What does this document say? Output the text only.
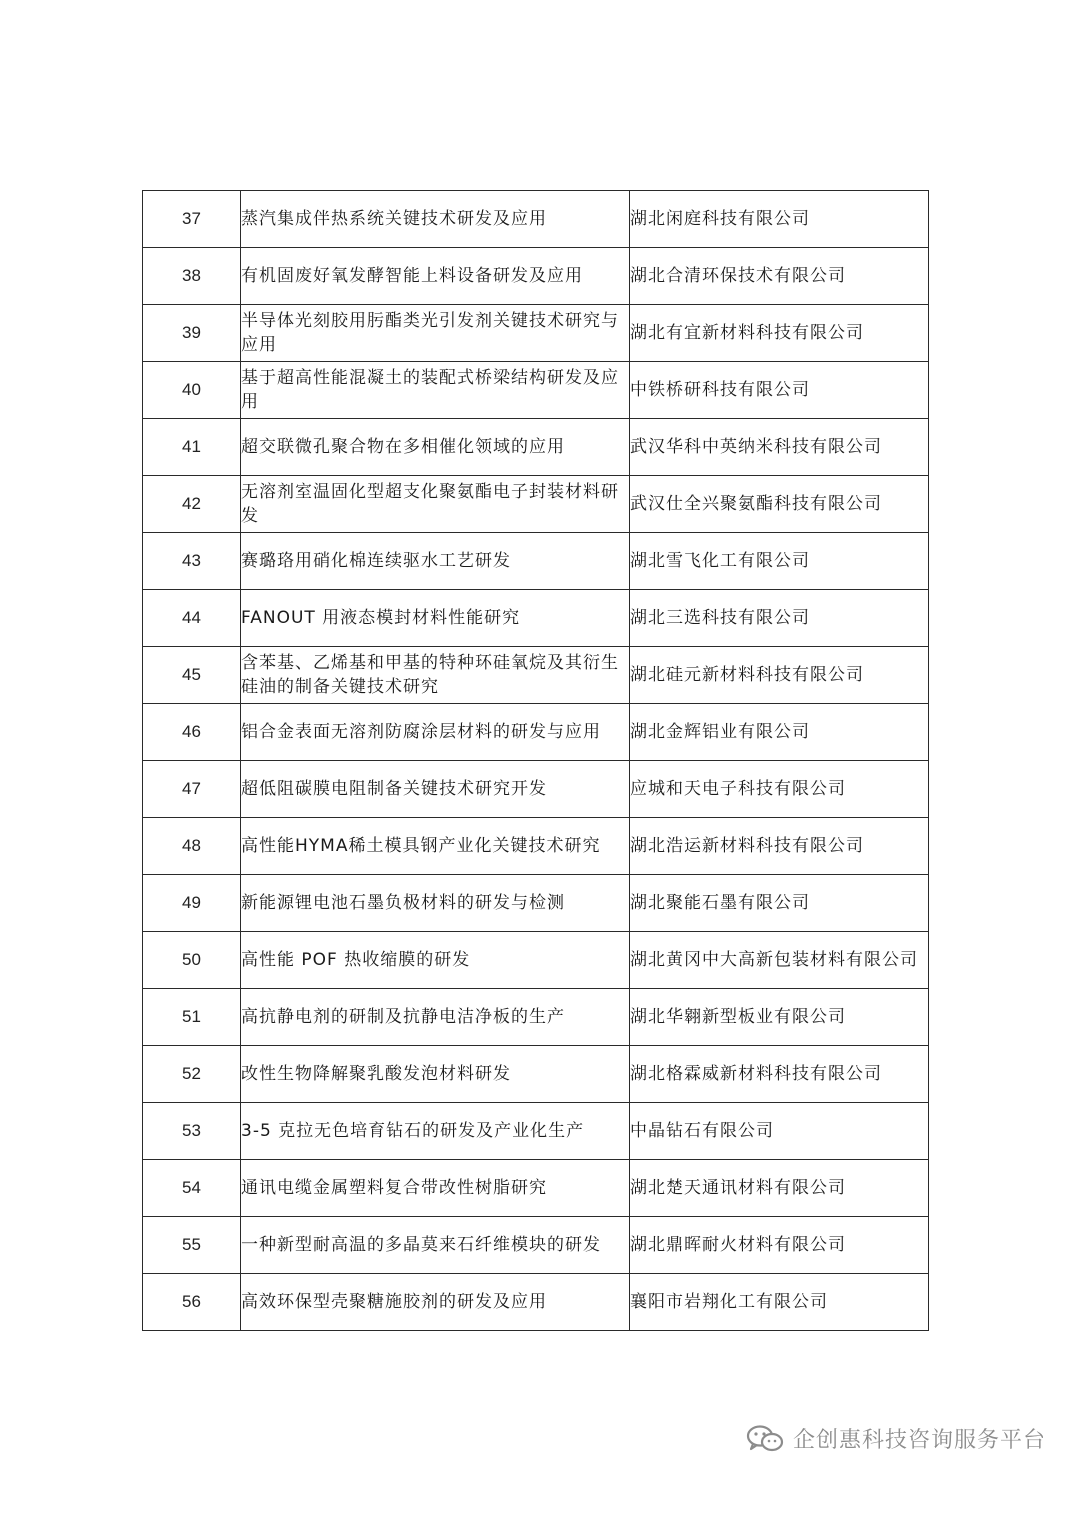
37	蒸汽集成伴热系统关键技术研发及应用	湖北闲庭科技有限公司
38	有机固废好氧发酵智能上料设备研发及应用	湖北合清环保技术有限公司
39	半导体光刻胶用肟酯类光引发剂关键技术研究与应用	湖北有宜新材料科技有限公司
40	基于超高性能混凝土的装配式桥梁结构研发及应用	中铁桥研科技有限公司
41	超交联微孔聚合物在多相催化领域的应用	武汉华科中英纳米科技有限公司
42	无溶剂室温固化型超支化聚氨酯电子封装材料研发	武汉仕全兴聚氨酯科技有限公司
43	赛璐珞用硝化棉连续驱水工艺研发	湖北雪飞化工有限公司
44	FANOUT 用液态模封材料性能研究	湖北三选科技有限公司
45	含苯基、乙烯基和甲基的特种环硅氧烷及其衍生硅油的制备关键技术研究	湖北硅元新材料科技有限公司
46	铝合金表面无溶剂防腐涂层材料的研发与应用	湖北金辉铝业有限公司
47	超低阻碳膜电阻制备关键技术研究开发	应城和天电子科技有限公司
48	高性能HYMA稀土模具钢产业化关键技术研究	湖北浩运新材料科技有限公司
49	新能源锂电池石墨负极材料的研发与检测	湖北聚能石墨有限公司
50	高性能 POF 热收缩膜的研发	湖北黄冈中大高新包装材料有限公司
51	高抗静电剂的研制及抗静电洁净板的生产	湖北华翱新型板业有限公司
52	改性生物降解聚乳酸发泡材料研发	湖北格霖威新材料科技有限公司
53	3-5 克拉无色培育钻石的研发及产业化生产	中晶钻石有限公司
54	通讯电缆金属塑料复合带改性树脂研究	湖北楚天通讯材料有限公司
55	一种新型耐高温的多晶莫来石纤维模块的研发	湖北鼎晖耐火材料有限公司
56	高效环保型壳聚糖施胶剂的研发及应用	襄阳市岩翔化工有限公司
企创惠科技咨询服务平台
